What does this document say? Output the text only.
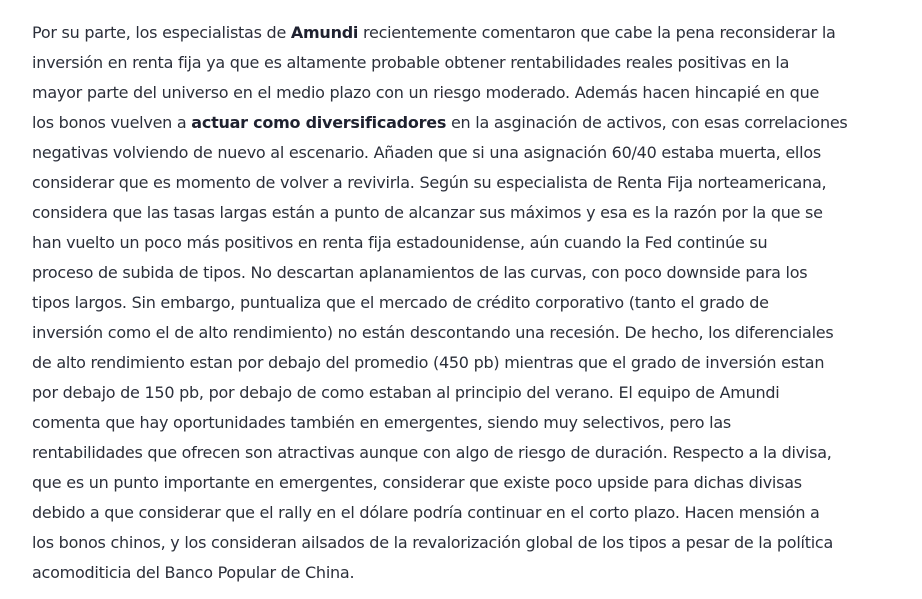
Por su parte, los especialistas de Amundi recientemente comentaron que cabe la pena reconsiderar la
inversión en renta fija ya que es altamente probable obtener rentabilidades reales positivas en la
mayor parte del universo en el medio plazo con un riesgo moderado. Además hacen hincapié en que
los bonos vuelven a actuar como diversificadores en la asginación de activos, con esas correlaciones
negativas volviendo de nuevo al escenario. Añaden que si una asignación 60/40 estaba muerta, ellos
considerar que es momento de volver a revivirla. Según su especialista de Renta Fija norteamericana,
considera que las tasas largas están a punto de alcanzar sus máximos y esa es la razón por la que se
han vuelto un poco más positivos en renta fija estadounidense, aún cuando la Fed continúe su
proceso de subida de tipos. No descartan aplanamientos de las curvas, con poco downside para los
tipos largos. Sin embargo, puntualiza que el mercado de crédito corporativo (tanto el grado de
inversión como el de alto rendimiento) no están descontando una recesión. De hecho, los diferenciales
de alto rendimiento estan por debajo del promedio (450 pb) mientras que el grado de inversión estan
por debajo de 150 pb, por debajo de como estaban al principio del verano. El equipo de Amundi
comenta que hay oportunidades también en emergentes, siendo muy selectivos, pero las
rentabilidades que ofrecen son atractivas aunque con algo de riesgo de duración. Respecto a la divisa,
que es un punto importante en emergentes, considerar que existe poco upside para dichas divisas
debido a que considerar que el rally en el dólare podría continuar en el corto plazo. Hacen mensión a
los bonos chinos, y los consideran ailsados de la revalorización global de los tipos a pesar de la política
acomoditicia del Banco Popular de China.
